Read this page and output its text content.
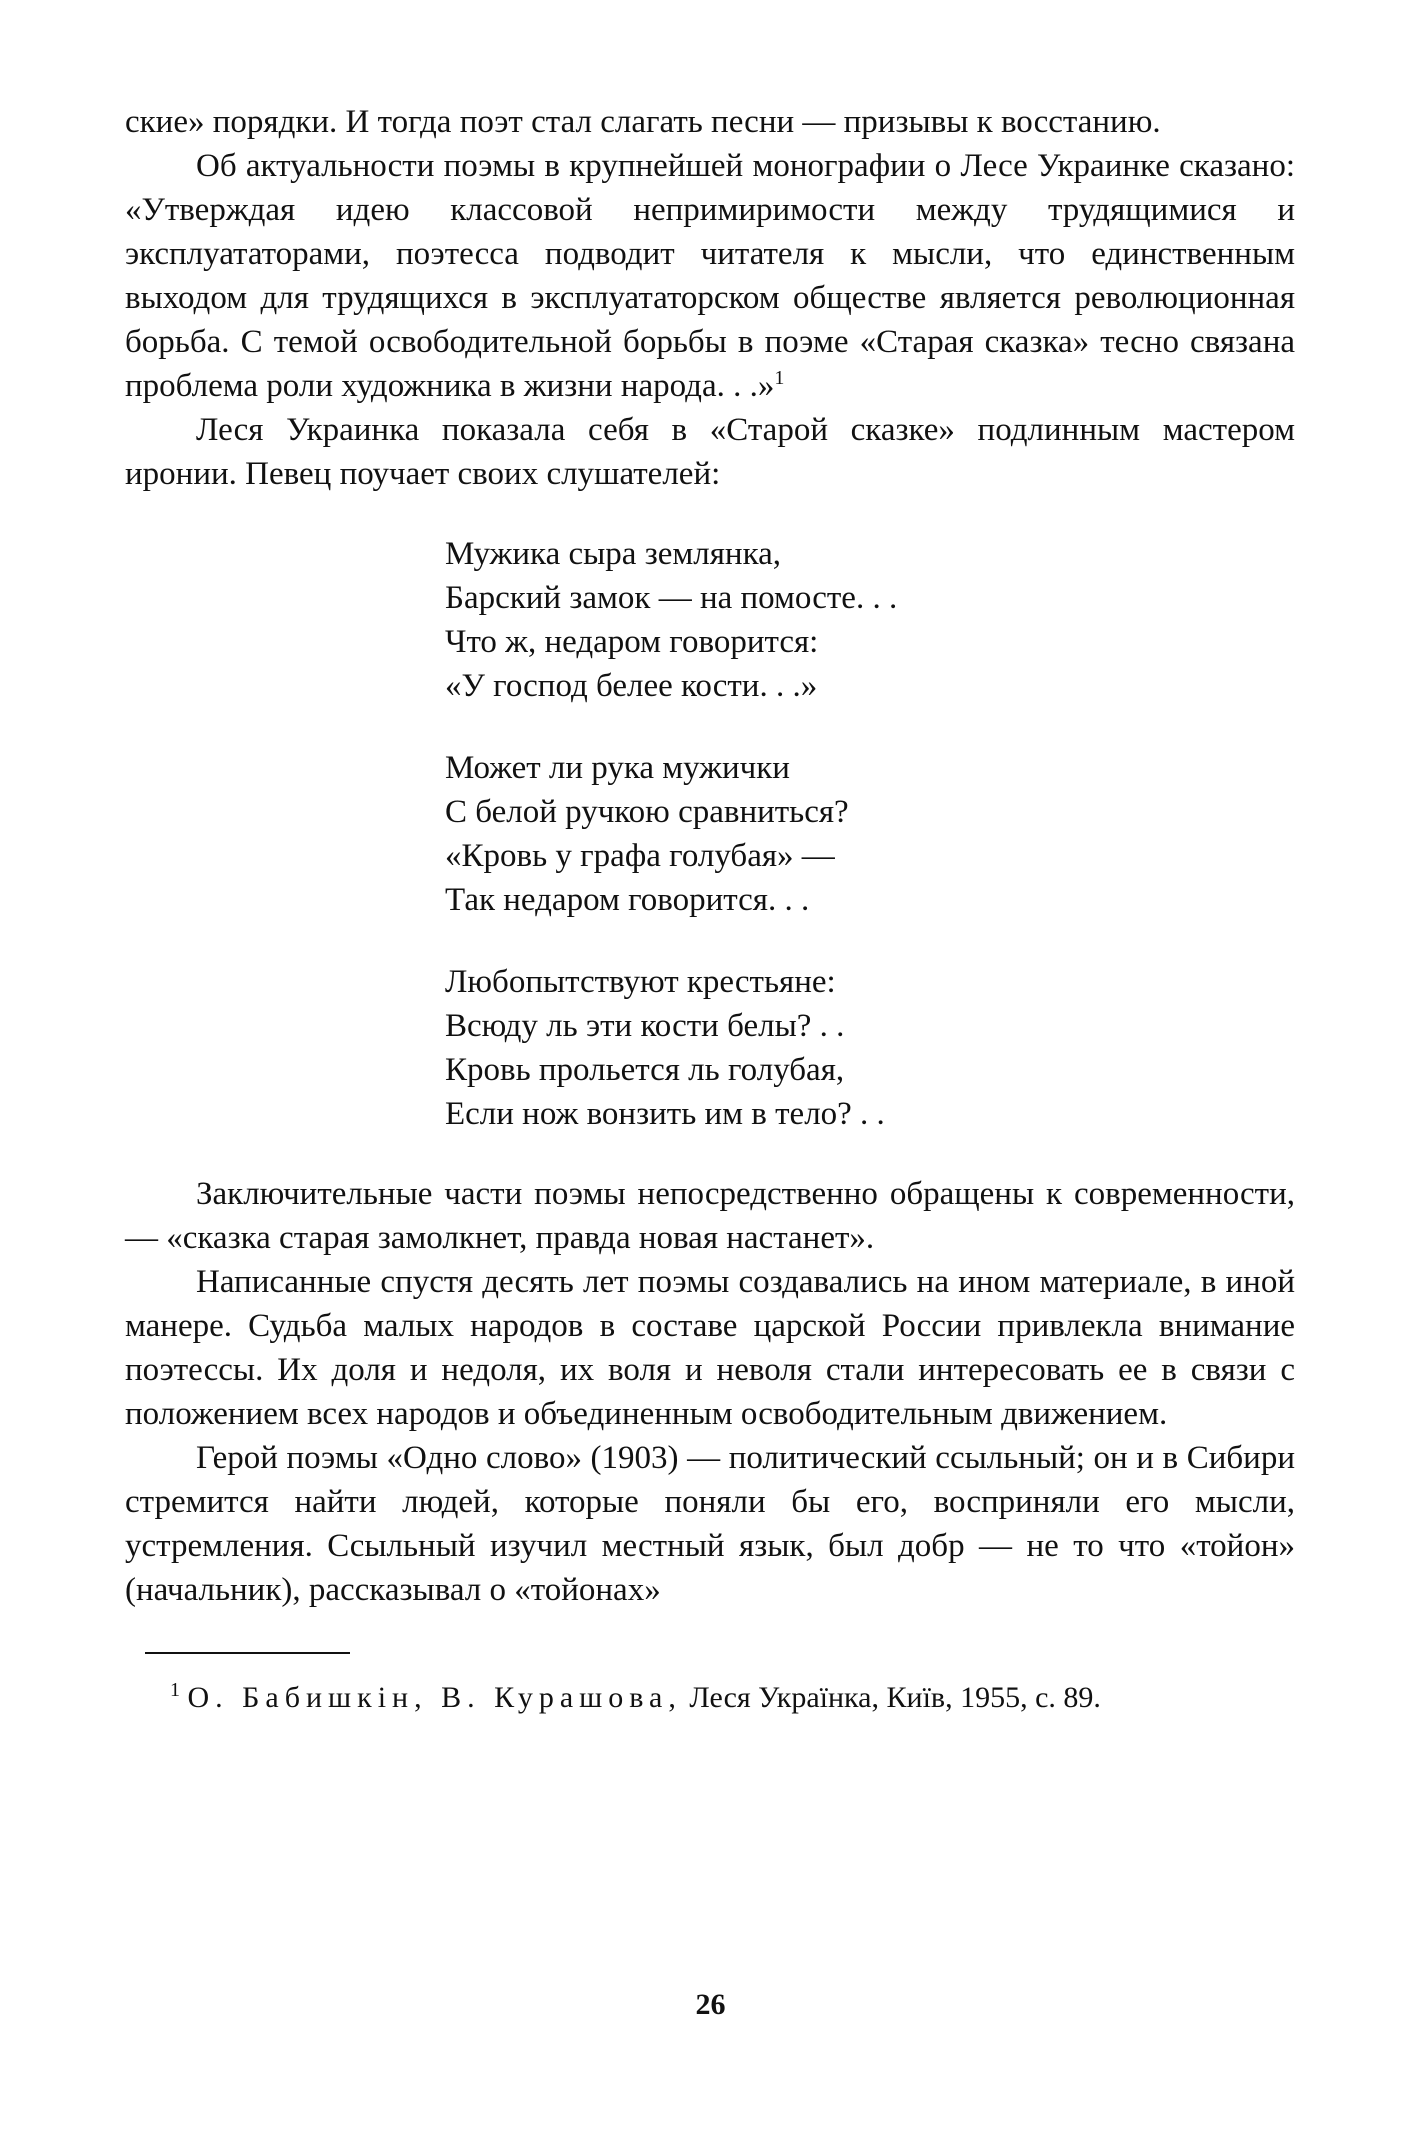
ские» порядки. И тогда поэт стал слагать песни — призывы к восстанию.

Об актуальности поэмы в крупнейшей монографии о Лесе Украинке сказано: «Утверждая идею классовой непримиримости между трудящимися и эксплуататорами, поэтесса подводит читателя к мысли, что единственным выходом для трудящихся в эксплуататорском обществе является революционная борьба. С темой освободительной борьбы в поэме «Старая сказка» тесно связана проблема роли художника в жизни народа. . .»$^1$

Леся Украинка показала себя в «Старой сказке» подлинным мастером иронии. Певец поучает своих слушателей:

Мужика сыра землянка,
Барский замок — на помосте. . .
Что ж, недаром говорится:
«У господ белее кости. . .»
Может ли рука мужички
С белой ручкою сравниться?
«Кровь у графа голубая» —
Так недаром говорится. . .
Любопытствуют крестьяне:
Всюду ль эти кости белы? . .
Кровь прольется ль голубая,
Если нож вонзить им в тело? . .

Заключительные части поэмы непосредственно обращены к современности, — «сказка старая замолкнет, правда новая настанет».

Написанные спустя десять лет поэмы создавались на ином материале, в иной манере. Судьба малых народов в составе царской России привлекла внимание поэтессы. Их доля и недоля, их воля и неволя стали интересовать ее в связи с положением всех народов и объединенным освободительным движением.

Герой поэмы «Одно слово» (1903) — политический ссыльный; он и в Сибири стремится найти людей, которые поняли бы его, восприняли его мысли, устремления. Ссыльный изучил местный язык, был добр — не то что «тойон» (начальник), рассказывал о «тойонах»

$^1$ О. Бабишкін, В. Курашова, Леся Українка, Київ, 1955, с. 89.

26
